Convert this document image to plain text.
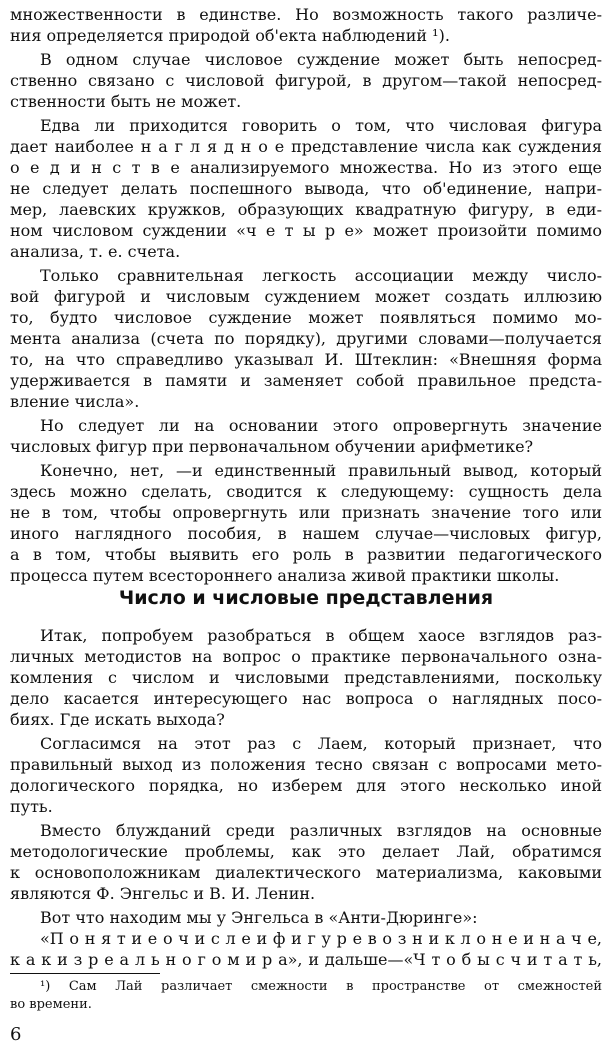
множественности в единстве. Но возможность такого различе-
ния определяется природой об'екта наблюдений ¹).
В одном случае числовое суждение может быть непосред-
ственно связано с числовой фигурой, в другом—такой непосред-
ственности быть не может.
Едва ли приходится говорить о том, что числовая фигура
дает наиболее н а г л я д н о е представление числа как суждения
о е д и н с т в е анализируемого множества. Но из этого еще
не следует делать поспешного вывода, что об'единение, напри-
мер, лаевских кружков, образующих квадратную фигуру, в еди-
ном числовом суждении «ч е т ы р е» может произойти помимо
анализа, т. е. счета.
Только сравнительная легкость ассоциации между число-
вой фигурой и числовым суждением может создать иллюзию
то, будто числовое суждение может появляться помимо мо-
мента анализа (счета по порядку), другими словами—получается
то, на что справедливо указывал И. Штеклин: «Внешняя форма
удерживается в памяти и заменяет собой правильное предста-
вление числа».
Но следует ли на основании этого опровергнуть значение
числовых фигур при первоначальном обучении арифметике?
Конечно, нет, —и единственный правильный вывод, который
здесь можно сделать, сводится к следующему: сущность дела
не в том, чтобы опровергнуть или признать значение того или
иного наглядного пособия, в нашем случае—числовых фигур,
а в том, чтобы выявить его роль в развитии педагогического
процесса путем всестороннего анализа живой практики школы.
Число и числовые представления
Итак, попробуем разобраться в общем хаосе взглядов раз-
личных методистов на вопрос о практике первоначального озна-
комления с числом и числовыми представлениями, поскольку
дело касается интересующего нас вопроса о наглядных посо-
биях. Где искать выхода?
Согласимся на этот раз с Лаем, который признает, что
правильный выход из положения тесно связан с вопросами мето-
дологического порядка, но изберем для этого несколько иной
путь.
Вместо блужданий среди различных взглядов на основные
методологические проблемы, как это делает Лай, обратимся
к основоположникам диалектического материализма, каковыми
являются Ф. Энгельс и В. И. Ленин.
Вот что находим мы у Энгельса в «Анти-Дюринге»:
«П о н я т и е о ч и с л е и ф и г у р е в о з н и к л о н е и н а ч е,
к а к и з р е а л ь н о г о м и р а», и дальше—«Ч т о б ы с ч и т а т ь,
¹) Сам Лай различает смежности в пространстве от смежностей
во времени.
6
